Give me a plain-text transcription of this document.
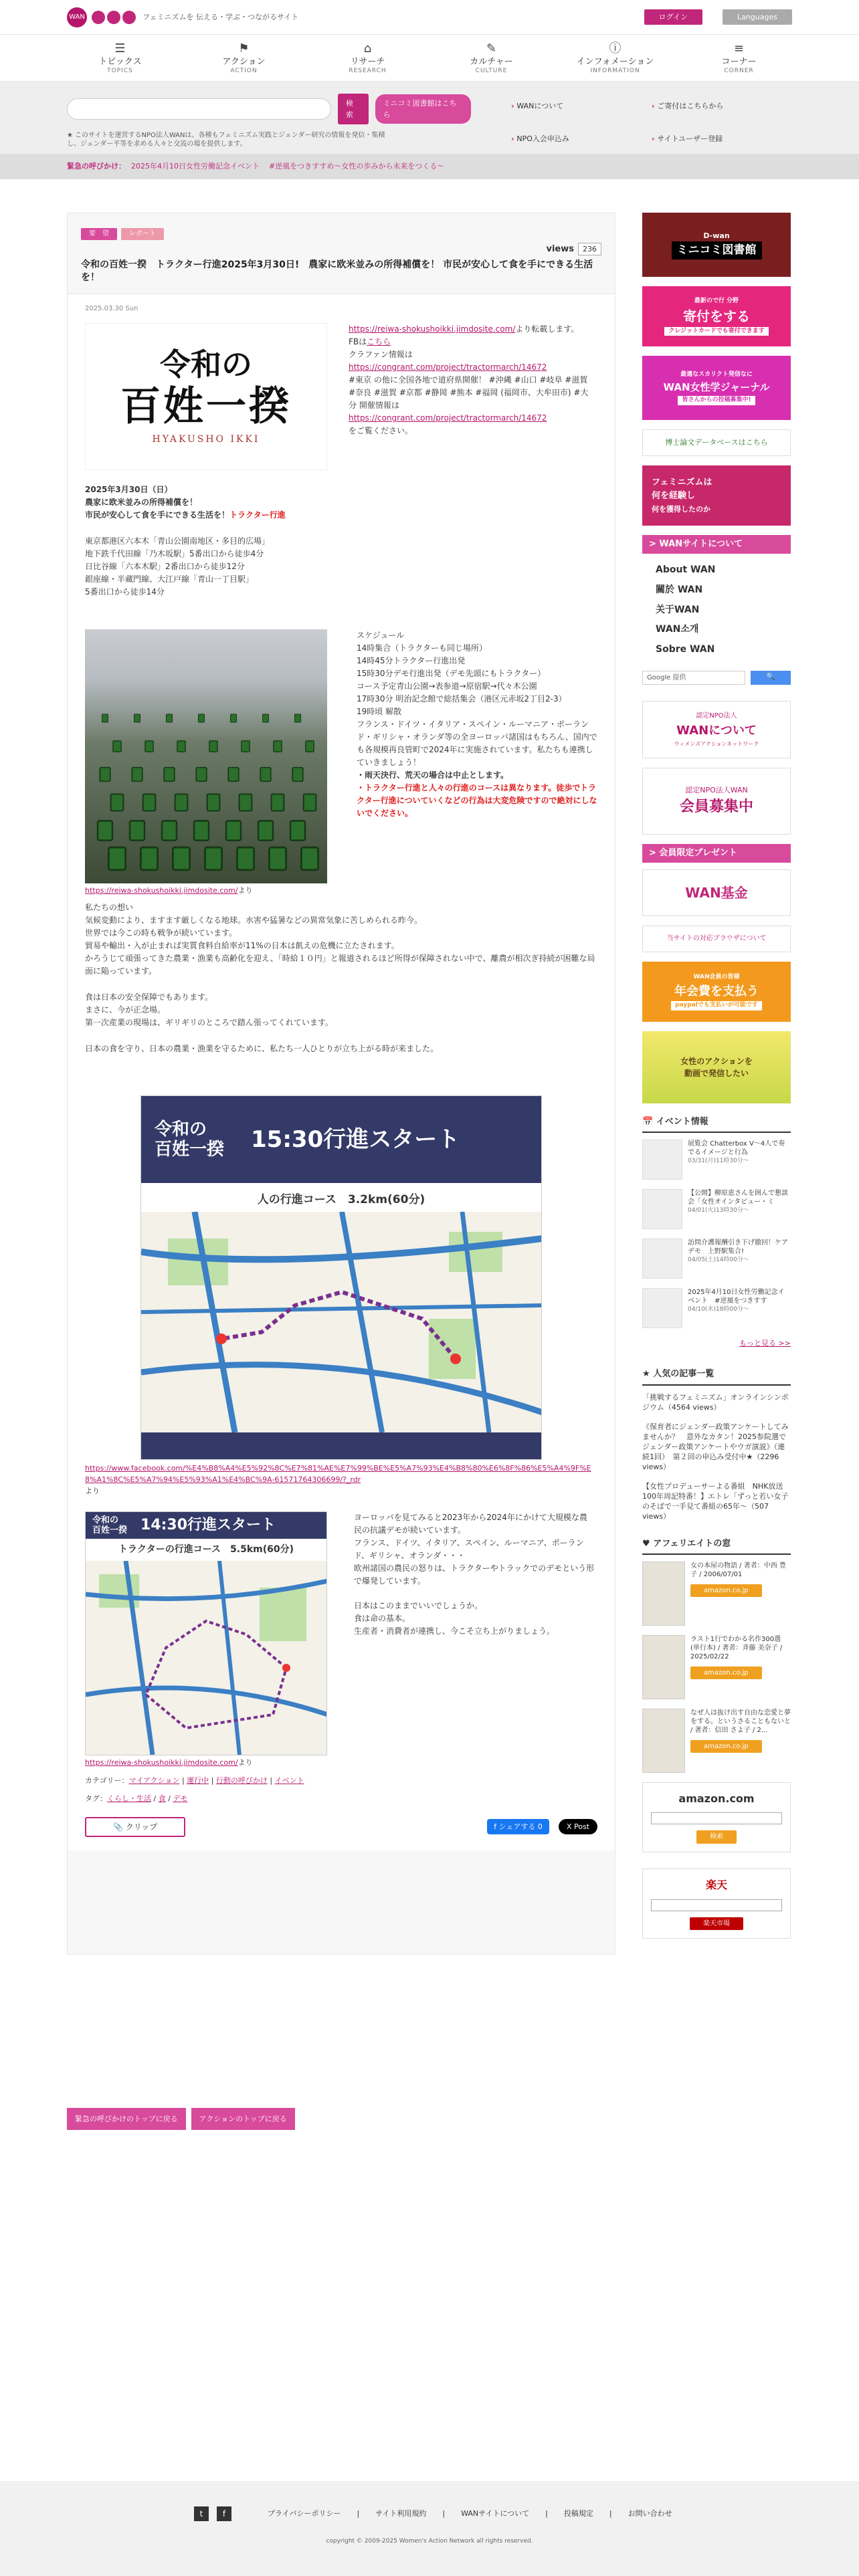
WAN	フェミニズムを 伝える・学ぶ・つながるサイト	ログイン	Languages
☰
トピックス
TOPICS
⚑
アクション
ACTION
⌂
リサーチ
RESEARCH
✎
カルチャー
CULTURE
ⓘ
インフォメーション
INFORMATION
≡
コーナー
CORNER
検索
ミニコミ図書館はこちら
★ このサイトを運営するNPO法人WANは、各種もフェミニズム実践とジェンダー研究の情報を発信・集積し、ジェンダー平等を求める人々と交流の場を提供します。
› WANについて	› ご寄付はこちらから
› NPO入会申込み	› サイトユーザー登録
緊急の呼びかけ： 2025年4月10日女性労働記念イベント #逆風をつきすすめ〜女性の歩みから未来をつくる〜
要　望	レポート
views 236
令和の百姓一揆　トラクター行進2025年3月30日!　農家に欧米並みの所得補償を！ 市民が安心して食を手にできる生活を！
2025.03.30 Sun
令和の
百姓一揆
HYAKUSHO IKKI
https://reiwa-shokushoikki.jimdosite.com/より転載します。
FBはこちら
クラファン情報は
https://congrant.com/project/tractormarch/14672
#東京 の他に全国各地で道府県開催！ #沖縄 #山口 #岐阜 #滋賀 #奈良 #滋賀 #京都 #静岡 #熊本 #福岡 (福岡市、大牟田市) #大分 開催情報は
https://congrant.com/project/tractormarch/14672
をご覧ください。
2025年3月30日（日）
農家に欧米並みの所得補償を！
市民が安心して食を手にできる生活を！トラクター行進
東京都港区六本木「青山公園南地区・多目的広場」
地下鉄千代田線「乃木坂駅」5番出口から徒歩4分
日比谷線「六本木駅」2番出口から徒歩12分
銀座線・半蔵門線、大江戸線「青山一丁目駅」
5番出口から徒歩14分
https://reiwa-shokushoikki.jimdosite.com/より
スケジュール
14時集合（トラクターも同じ場所）
14時45分トラクター行進出発
15時30分デモ行進出発（デモ先頭にもトラクター）
コース予定青山公園→表参道→原宿駅→代々木公園
17時30分 明治記念館で総括集会（港区元赤坂2丁目2-3）
19時頃 解散
フランス・ドイツ・イタリア・スペイン・ルーマニア・ポーランド・ギリシャ・オランダ等の全ヨーロッパ諸国はもちろん、国内でも各規模再良管町で2024年に実施されています。私たちも連携していきましょう！
・雨天決行、荒天の場合は中止とします。
・トラクター行進と人々の行進のコースは異なります。徒歩でトラクター行進についていくなどの行為は大変危険ですので絶対にしないでください。
私たちの想い
気候変動により、ますます厳しくなる地球。水害や猛暑などの異常気象に苦しめられる昨今。
世界では今この時も戦争が続いています。
貿易や輸出・入が止まれば実質食料自給率が11%の日本は飢えの危機に立たされます。
かろうじて頑張ってきた農業・漁業も高齢化を迎え、「時給１０円」と報道されるほど所得が保障されない中で、離農が相次ぎ持続が困難な局面に陥っています。
食は日本の安全保障でもあります。
まさに、今が正念場。
第一次産業の現場は、ギリギリのところで踏ん張ってくれています。
日本の食を守り、日本の農業・漁業を守るために、私たち一人ひとりが立ち上がる時が来ました。
令和の
百姓一揆 15:30行進スタート
人の行進コース　3.2km(60分)
https://www.facebook.com/%E4%B8%A4%E5%92%8C%E7%81%AE%E7%99%BE%E5%A7%93%E4%B8%80%E6%8F%86%E5%A4%9F%E8%A1%8C%E5%A7%94%E5%93%A1%E4%BC%9A-61571764306699/?_rdr
より
令和の
百姓一揆 14:30行進スタート
トラクターの行進コース　5.5km(60分)
https://reiwa-shokushoikki.jimdosite.com/より
ヨーロッパを見てみると2023年から2024年にかけて大規模な農民の抗議デモが続いています。
フランス、ドイツ、イタリア、スペイン、ルーマニア、ポーランド、ギリシャ、オランダ・・・
欧州諸国の農民の怒りは、トラクターやトラックでのデモという形で爆発しています。
日本はこのままでいいでしょうか。
食は命の基本。
生産者・消費者が連携し、今こそ立ち上がりましょう。
カテゴリー：マイアクション | 運行中 | 行動の呼びかけ | イベント
タグ：くらし・生活 / 食 / デモ
📎 クリップ	f シェアする 0	X Post
D-wan
ミニコミ図書館
最新ので行 分野
寄付をする
クレジットカードでも寄付できます
最適なスカリクト発信なに
WAN女性学ジャーナル
皆さんからの投稿募集中!
博士論文データベースはこちら
フェミニズムは
何を経験し
何を獲得したのか
> WANサイトについて
About WAN
關於 WAN
关于WAN
WAN소개
Sobre WAN
Google 提供	🔍
認定NPO法人
WANについて
ウィメンズアクションネットワーク
認定NPO法人WAN
会員募集中
> 会員限定プレゼント
WAN基金
当サイトの対応ブラウザについて
WAN会員の皆様
年会費を支払う
paypalでも支払いが可能です
女性のアクションを
動画で発信したい
📅 イベント情報
展覧会 Chatterbox V〜4人で奏でるイメージと行為
03/31(月)11時30分〜
【公開】柳原恵さんを囲んで懇談会「女性オインタビュー・ミ
04/01(火)13時30分〜
訪問介護報酬引き下げ撤回！ケアデモ　上野駅集合!
04/05(土)14時00分〜
2025年4月10日女性労働記念イベント　#逆風をつきすす
04/10(木)18時00分〜
もっと見る >>
★ 人気の記事一覧
「挑戦するフェミニズム」オンラインシンポジウム（4564 views）
《保育者にジェンダー政策アンケートしてみませんか？　意外なカタン！2025参院選でジェンダー政策アンケートやウガ演説》（連続1回）　第２回の申込み受付中★（2296 views）
【女性プロデューサーよる番組　NHK放送100年周記特番！】エトレ「ずっと若い女子のそばで一手見て番組の65年〜（507 views）
♥ アフェリエイトの窓
女の本屋の物語 / 著者：中西 豊子 / 2006/07/01
amazon.co.jp
ラスト1行でわかる名作300選 (単行本) / 著者：斉藤 美奈子 / 2025/02/22
amazon.co.jp
なぜ人は抜け出す自由な恋愛と夢をする。というさることもないと / 著者：信田 さよ子 / 2...
amazon.co.jp
amazon.com
検索
楽天
楽天市場
緊急の呼びかけのトップに戻る	アクションのトップに戻る
t	f	プライバシーポリシー | サイト利用規約 | WANサイトについて | 投稿規定 | お問い合わせ
copyright © 2009-2025 Women's Action Network all rights reserved.
